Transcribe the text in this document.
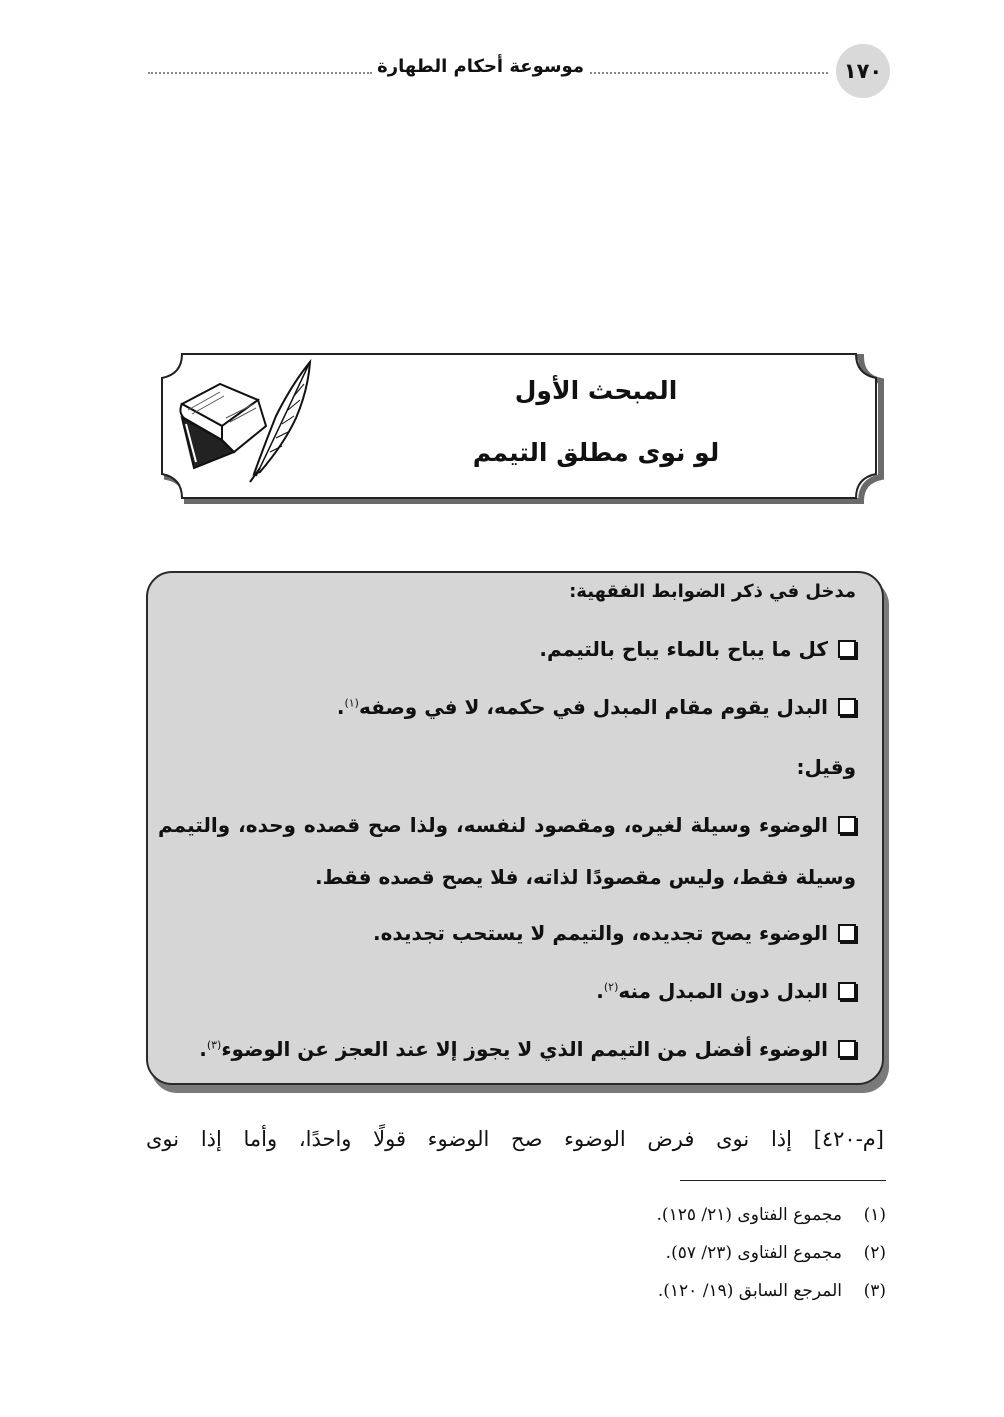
موسوعة أحكام الطهارة	١٧٠
المبحث الأول
لو نوى مطلق التيمم
مدخل في ذكر الضوابط الفقهية:
كل ما يباح بالماء يباح بالتيمم.
البدل يقوم مقام المبدل في حكمه، لا في وصفه$^{(١)}$.
وقيل:
الوضوء وسيلة لغيره، ومقصود لنفسه، ولذا صح قصده وحده، والتيمم
وسيلة فقط، وليس مقصودًا لذاته، فلا يصح قصده فقط.
الوضوء يصح تجديده، والتيمم لا يستحب تجديده.
البدل دون المبدل منه$^{(٢)}$.
الوضوء أفضل من التيمم الذي لا يجوز إلا عند العجز عن الوضوء$^{(٣)}$.
[م-٤٢٠] إذا نوى فرض الوضوء صح الوضوء قولًا واحدًا، وأما إذا نوى
(١)مجموع الفتاوى (٢١/ ١٢٥).
(٢)مجموع الفتاوى (٢٣/ ٥٧).
(٣)المرجع السابق (١٩/ ١٢٠).
